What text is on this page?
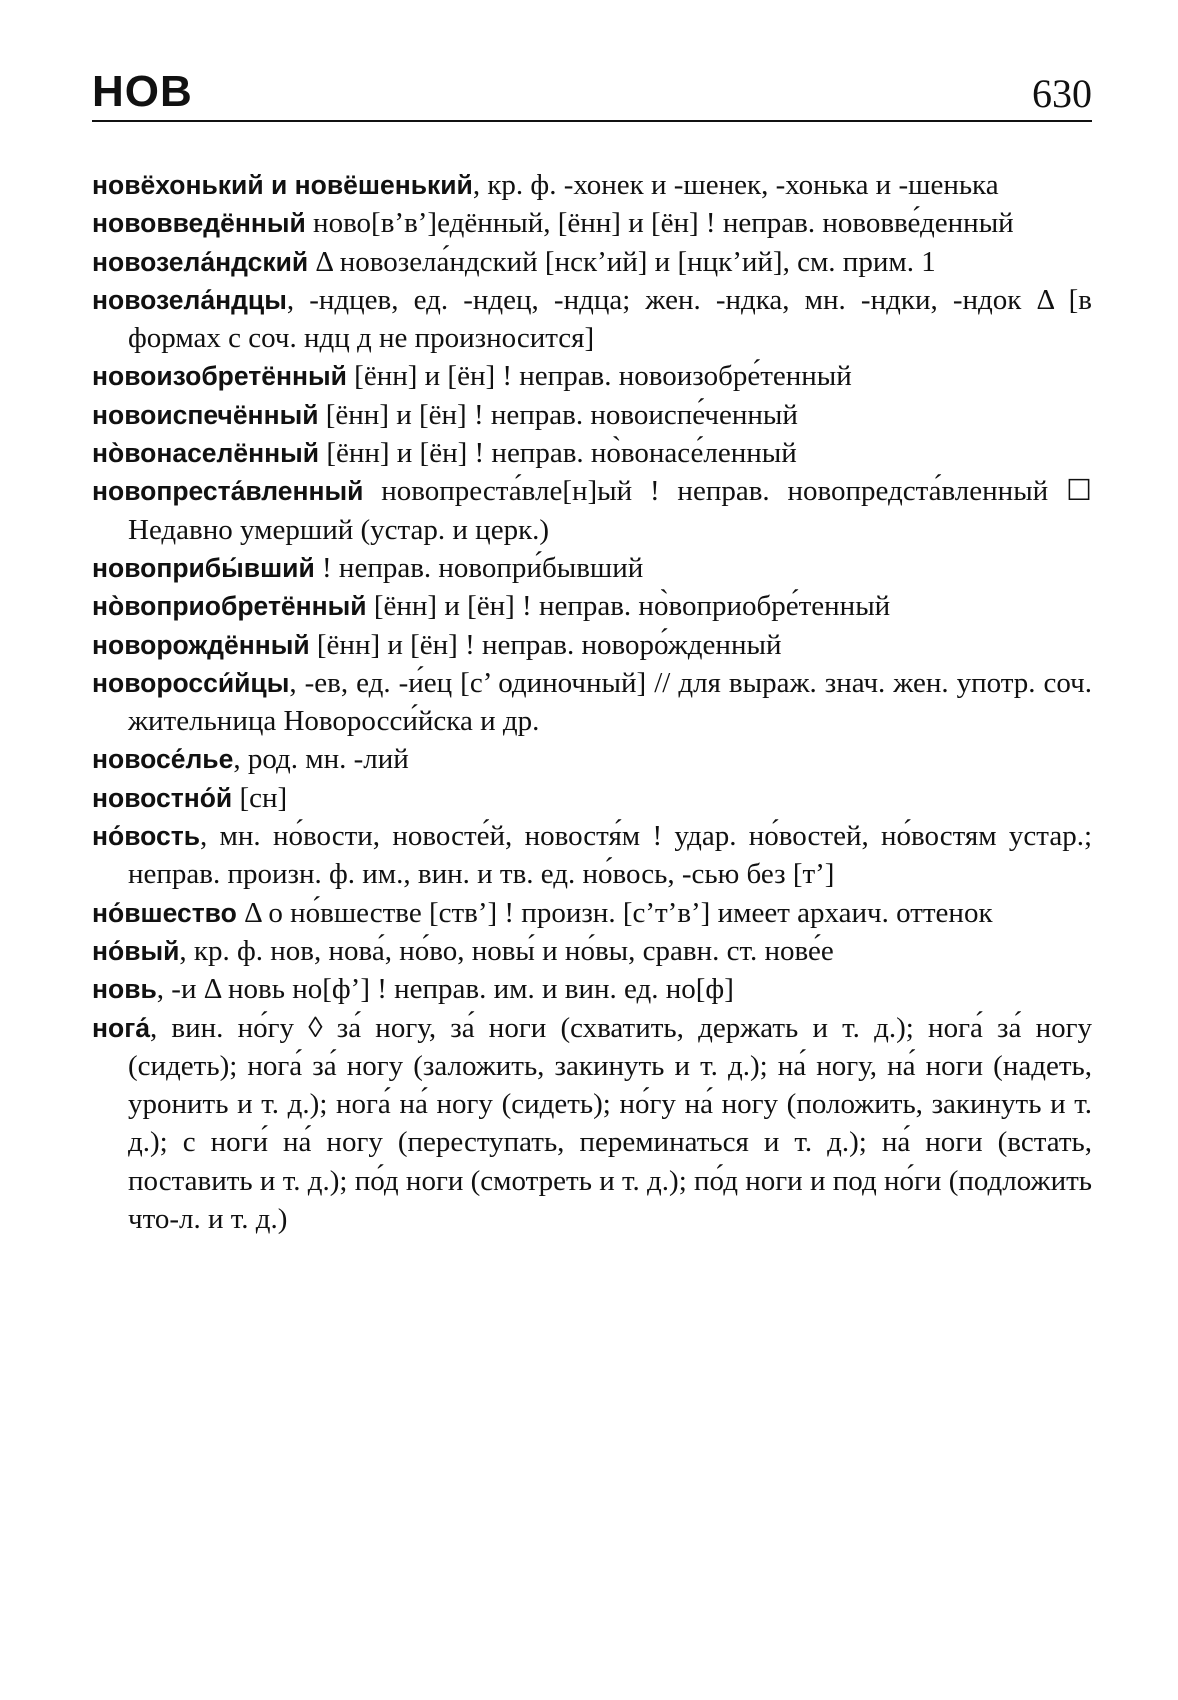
НОВ	630

новёхонький и новёшенький, кр. ф. -хонек и -шенек, -хонька и -шенька

нововведённый ново[в’в’]едённый, [ённ] и [ён] ! неправ. нововве́денный

новозела́ндский Δ новозела́ндский [нск’ий] и [нцк’ий], см. прим. 1

новозела́ндцы, -ндцев, ед. -ндец, -ндца; жен. -ндка, мн. -ндки, -ндок Δ [в формах с соч. ндц д не произносится]

новоизобретённый [ённ] и [ён] ! неправ. новоизобре́тенный

новоиспечённый [ённ] и [ён] ! неправ. новоиспе́ченный

но̀вонаселённый [ённ] и [ён] ! неправ. но̀вонасе́ленный

новопреста́вленный новопреста́вле[н]ый ! неправ. новопредста́вленный ☐ Недавно умерший (устар. и церк.)

новоприбы́вший ! неправ. новопри́бывший

но̀воприобретённый [ённ] и [ён] ! неправ. но̀воприобре́тенный

новорождённый [ённ] и [ён] ! неправ. новоро́жденный

новоросси́йцы, -ев, ед. -и́ец [с’ одиночный] // для выраж. знач. жен. употр. соч. жительница Новоросси́йска и др.

новосе́лье, род. мн. -лий

новостно́й [сн]

но́вость, мн. но́вости, новосте́й, новостя́м ! удар. но́востей, но́востям устар.; неправ. произн. ф. им., вин. и тв. ед. но́вось, -сью без [т’]

но́вшество Δ о но́вшестве [ств’] ! произн. [с’т’в’] имеет архаич. оттенок

но́вый, кр. ф. нов, нова́, но́во, новы́ и но́вы, сравн. ст. нове́е

новь, -и Δ новь но[ф’] ! неправ. им. и вин. ед. но[ф]

нога́, вин. но́гу ◊ за́ ногу, за́ ноги (схватить, держать и т. д.); нога́ за́ ногу (сидеть); нога́ за́ ногу (заложить, закинуть и т. д.); на́ ногу, на́ ноги (надеть, уронить и т. д.); нога́ на́ ногу (сидеть); но́гу на́ ногу (положить, закинуть и т. д.); с ноги́ на́ ногу (переступать, переминаться и т. д.); на́ ноги (встать, поставить и т. д.); по́д ноги (смотреть и т. д.); по́д ноги и под но́ги (подложить что-л. и т. д.)
